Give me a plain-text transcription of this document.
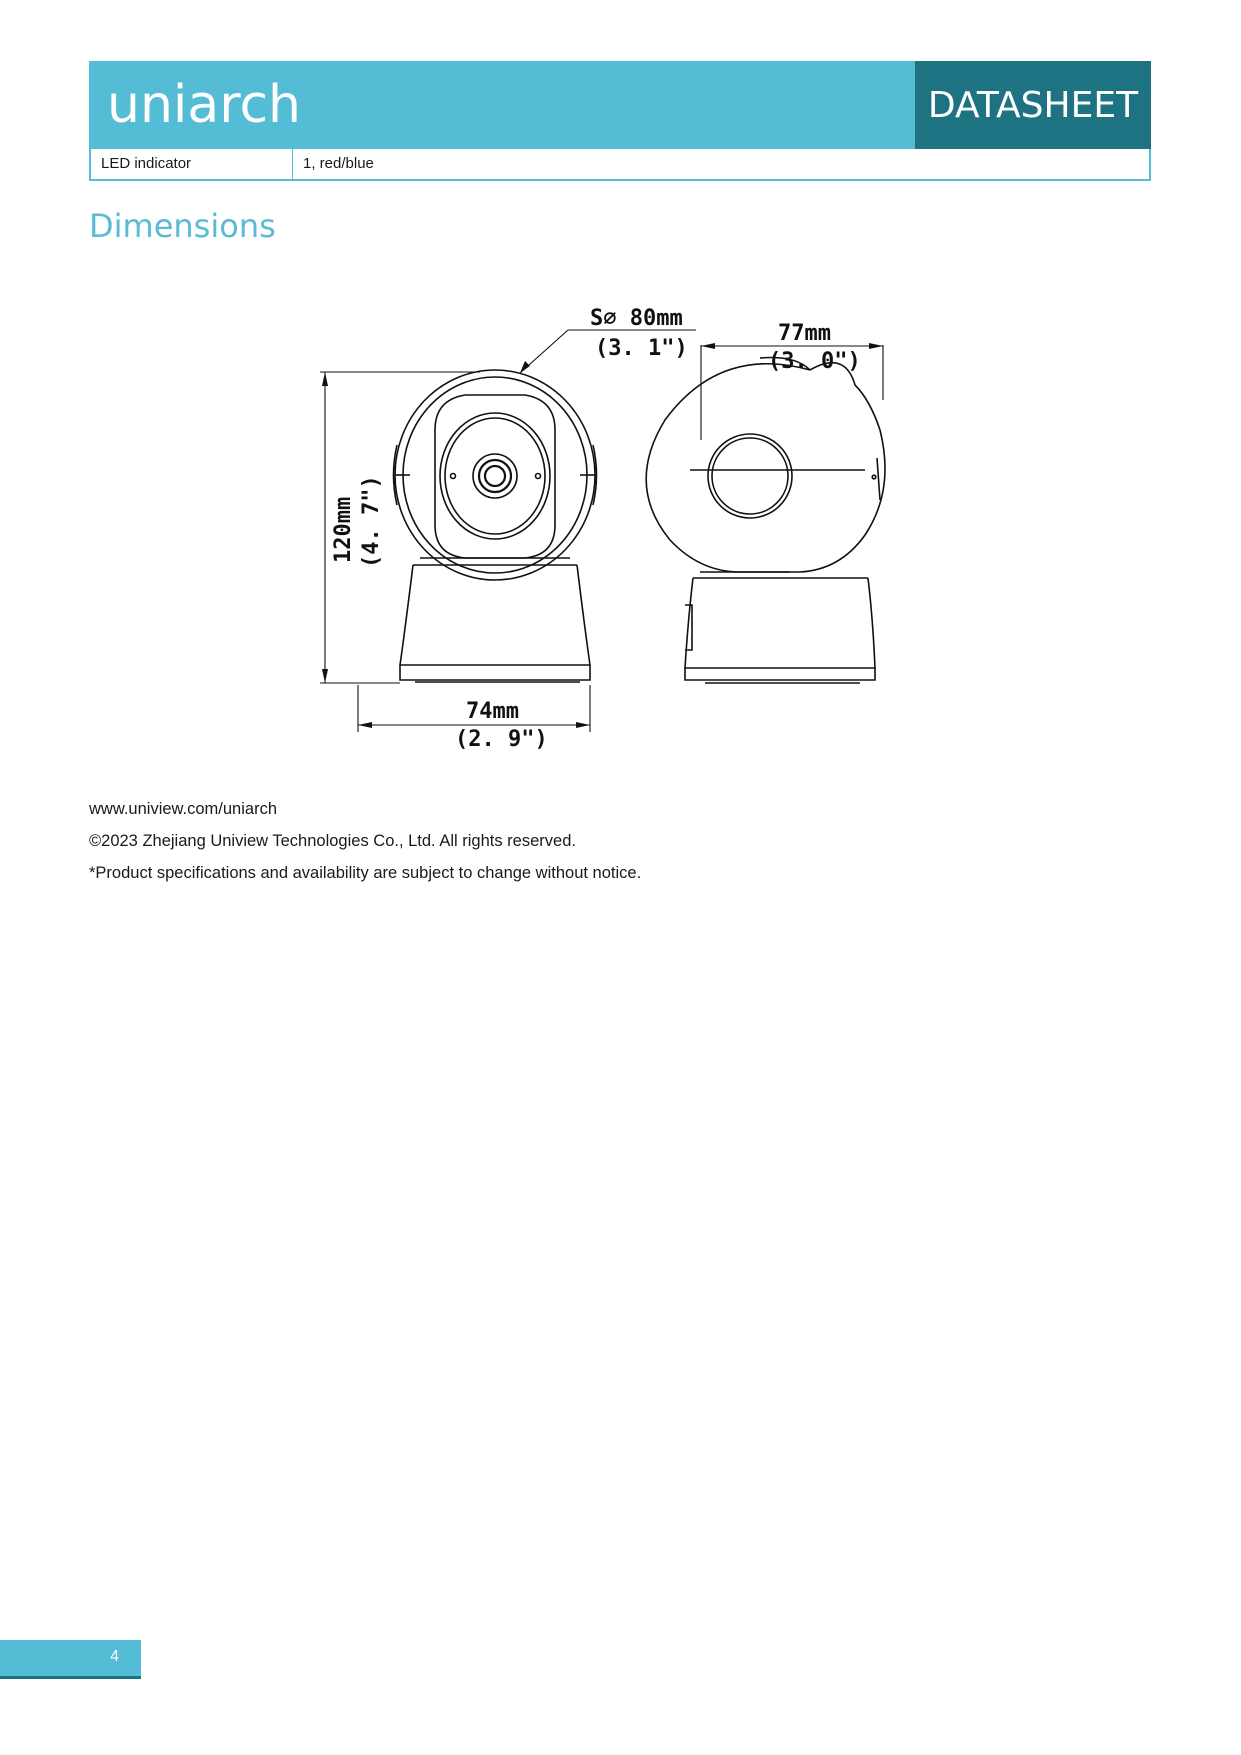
uniarch	DATASHEET
LED indicator	1, red/blue
Dimensions
S∅ 80mm
(3. 1")
77mm
(3. 0")
74mm
(2. 9")
120mm (4. 7")
www.uniview.com/uniarch
©2023 Zhejiang Uniview Technologies Co., Ltd. All rights reserved.
*Product specifications and availability are subject to change without notice.
4
